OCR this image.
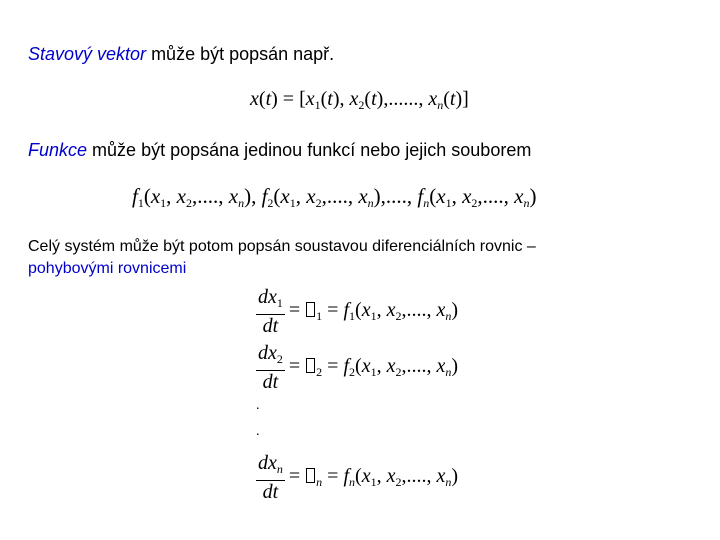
Stavový vektor může být popsán např.
$x(t) = [x_1(t)$, $x_2(t)$,......, $x_n(t)$]
Funkce může být popsána jedinou funkcí nebo jejich souborem
$f_1(x_1$, $x_2$,...., $x_n$), $f_2(x_1$, $x_2$,...., $x_n$),...., $f_n(x_1$, $x_2$,...., $x_n$)
Celý systém může být potom popsán soustavou diferenciálních rovnic –
pohybovými rovnicemi
$\frac{dx_1}{dt} = _1 = f_1(x_1$, $x_2$,...., $x_n$)
$\frac{dx_2}{dt} = _2 = f_2(x_1$, $x_2$,...., $x_n$)
.
.
$\frac{dx_n}{dt} = _n = f_n(x_1$, $x_2$,...., $x_n$)
